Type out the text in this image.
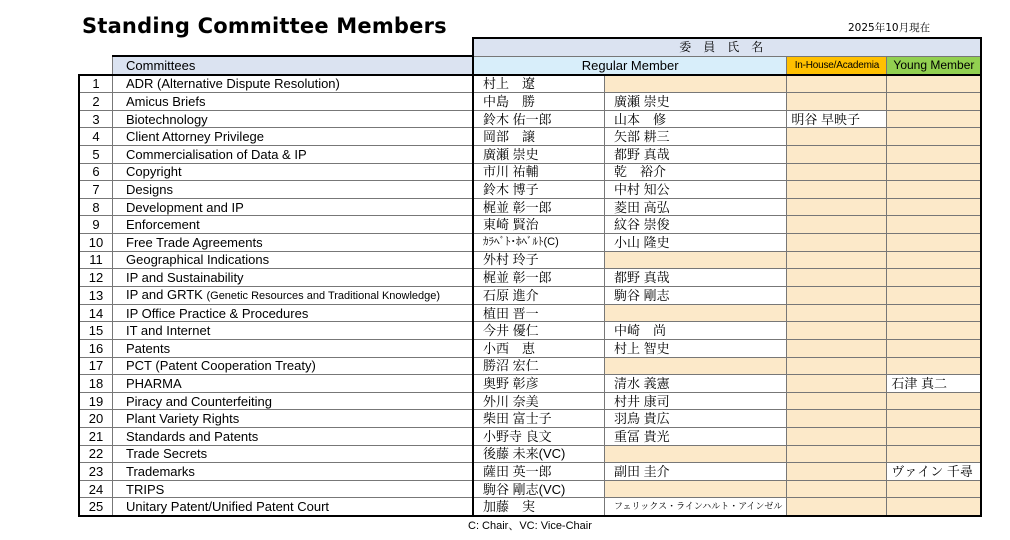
Standing Committee Members	2025年10月現在
		委員氏名			
	Committees	Regular Member		In-House/Academia	Young Member
1	ADR (Alternative Dispute Resolution)	村上　遼			
2	Amicus Briefs	中島　勝	廣瀬 崇史		
3	Biotechnology	鈴木 佑一郎	山本　修	明谷 早映子	
4	Client Attorney Privilege	岡部　譲	矢部 耕三		
5	Commercialisation of Data & IP	廣瀬 崇史	都野 真哉		
6	Copyright	市川 祐輔	乾　裕介		
7	Designs	鈴木 博子	中村 知公		
8	Development and IP	梶並 彰一郎	菱田 高弘		
9	Enforcement	東崎 賢治	紋谷 崇俊		
10	Free Trade Agreements	ｶﾗﾍﾞﾄ･ﾎﾍﾞﾙﾄ(C)	小山 隆史		
11	Geographical Indications	外村 玲子			
12	IP and Sustainability	梶並 彰一郎	都野 真哉		
13	IP and GRTK (Genetic Resources and Traditional Knowledge)	石原 進介	駒谷 剛志		
14	IP Office Practice & Procedures	植田 晋一			
15	IT and Internet	今井 優仁	中崎　尚		
16	Patents	小西　恵	村上 智史		
17	PCT (Patent Cooperation Treaty)	勝沼 宏仁			
18	PHARMA	奥野 彰彦	清水 義憲		石津 真二
19	Piracy and Counterfeiting	外川 奈美	村井 康司		
20	Plant Variety Rights	柴田 富士子	羽鳥 貴広		
21	Standards and Patents	小野寺 良文	重冨 貴光		
22	Trade Secrets	後藤 未来(VC)			
23	Trademarks	薩田 英一郎	副田 圭介		ヴァイン 千尋
24	TRIPS	駒谷 剛志(VC)			
25	Unitary Patent/Unified Patent Court	加藤　実	フェリックス・ラインハルト・アインゼル		
C: Chair、VC: Vice-Chair
